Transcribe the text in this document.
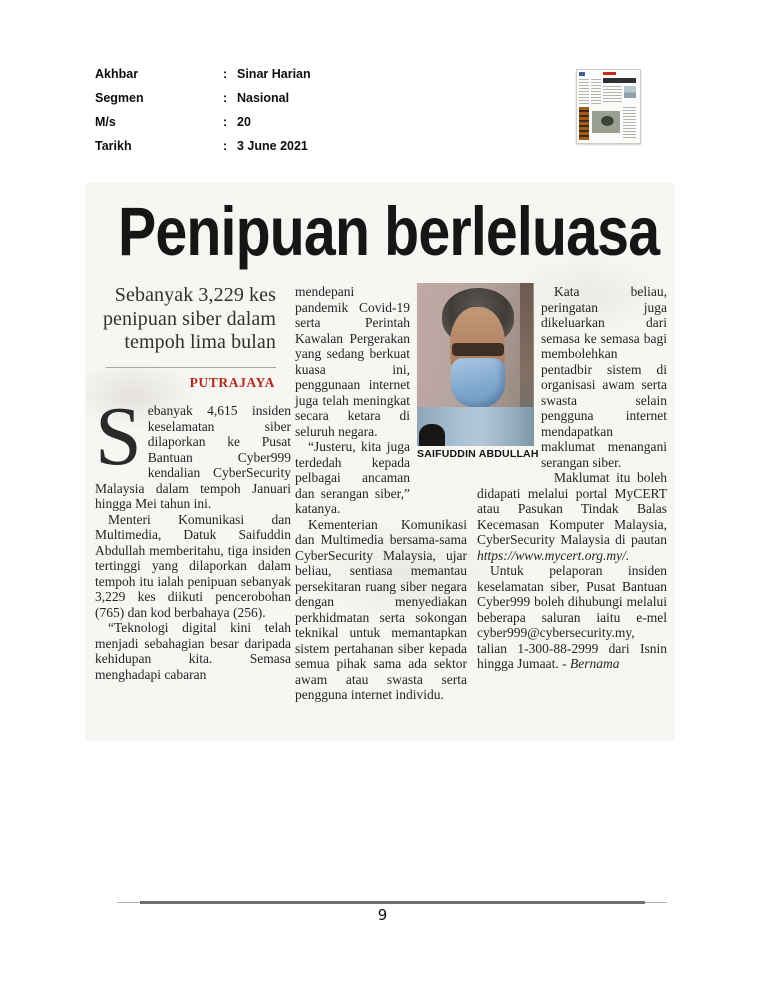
Akhbar	: Sinar Harian
Segmen	: Nasional
M/s	: 20
Tarikh	: 3 June 2021
Penipuan berleluasa
Sebanyak 3,229 kes penipuan siber dalam tempoh lima bulan
PUTRAJAYA

Sebanyak 4,615 insiden keselamatan siber dilaporkan ke Pusat Bantuan Cyber999 kendalian CyberSecurity Malaysia dalam tempoh Januari hingga Mei tahun ini.

Menteri Komunikasi dan Multimedia, Datuk Saifuddin Abdullah memberitahu, tiga insiden tertinggi yang dilaporkan dalam tempoh itu ialah penipuan sebanyak 3,229 kes diikuti pencerobohan (765) dan kod berbahaya (256).

“Teknologi digital kini telah menjadi sebahagian besar daripada kehidupan kita. Semasa menghadapi cabaran

mendepani pandemik Covid-19 serta Perintah Kawalan Pergerakan yang sedang berkuat kuasa ini, penggunaan internet juga telah meningkat secara ketara di seluruh negara.

“Justeru, kita juga terdedah kepada pelbagai ancaman dan serangan siber,” katanya.

Kementerian Komunikasi dan Multimedia bersama-sama CyberSecurity Malaysia, ujar beliau, sentiasa memantau persekitaran ruang siber negara dengan menyediakan perkhidmatan serta sokongan teknikal untuk memantapkan sistem pertahanan siber kepada semua pihak sama ada sektor awam atau swasta serta pengguna internet individu.

Kata beliau, peringatan juga dikeluarkan dari semasa ke semasa bagi membolehkan pentadbir sistem di organisasi awam serta swasta selain pengguna internet mendapatkan maklumat menangani serangan siber.

Maklumat itu boleh didapati melalui portal MyCERT atau Pasukan Tindak Balas Kecemasan Komputer Malaysia, CyberSecurity Malaysia di pautan https://www.mycert.org.my/.

Untuk pelaporan insiden keselamatan siber, Pusat Bantuan Cyber999 boleh dihubungi melalui beberapa saluran iaitu e-mel cyber999@cybersecurity.my, talian 1-300-88-2999 dari Isnin hingga Jumaat. - Bernama

SAIFUDDIN ABDULLAH
9
